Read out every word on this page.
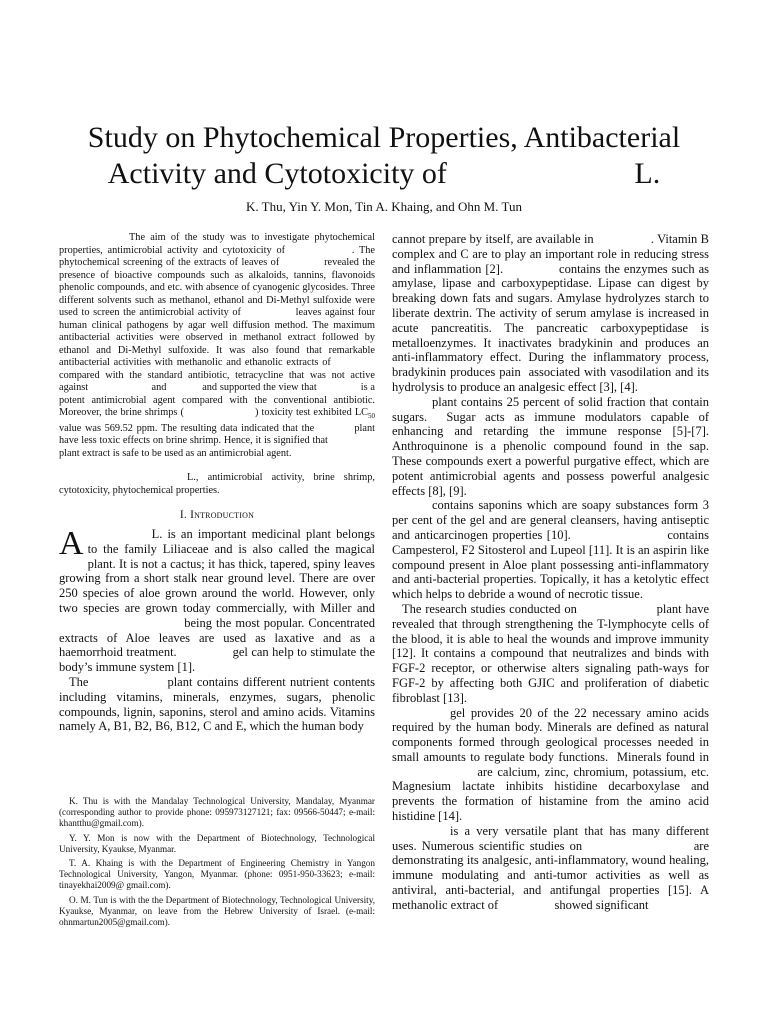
Study on Phytochemical Properties, Antibacterial Activity and Cytotoxicity of                         L.
K. Thu, Yin Y. Mon, Tin A. Khaing, and Ohn M. Tun

The aim of the study was to investigate phytochemical properties, antimicrobial activity and cytotoxicity of              . The phytochemical screening of the extracts of leaves of             revealed the presence of bioactive compounds such as alkaloids, tannins, flavonoids phenolic compounds, and etc. with absence of cyanogenic glycosides. Three different solvents such as methanol, ethanol and Di-Methyl sulfoxide were used to screen the antimicrobial activity of               leaves against four human clinical pathogens by agar well diffusion method. The maximum antibacterial activities were observed in methanol extract followed by ethanol and Di-Methyl sulfoxide. It was also found that remarkable antibacterial activities with methanolic and ethanolic extracts of             compared with the standard antibiotic, tetracycline that was not active against                       and             and supported the view that                is a potent antimicrobial agent compared with the conventional antibiotic. Moreover, the brine shrimps (                       ) toxicity test exhibited $LC_{50}$ value was 569.52 ppm. The resulting data indicated that the           plant have less toxic effects on brine shrimp. Hence, it is signified that                  plant extract is safe to be used as an antimicrobial agent.

L., antimicrobial activity, brine shrimp, cytotoxicity, phytochemical properties.

I. Introduction

A	L. is an important medicinal plant belongs to the family Liliaceae and is also called the magical plant. It is not a cactus; it has thick, tapered, spiny leaves growing from a short stalk near ground level. There are over 250 species of aloe grown around the world. However, only two species are grown today commercially, with Miller and                                being the most popular. Concentrated extracts of Aloe leaves are used as laxative and as a haemorrhoid treatment.                gel can help to stimulate the body’s immune system [1].

The                  plant contains different nutrient contents including vitamins, minerals, enzymes, sugars, phenolic compounds, lignin, saponins, sterol and amino acids. Vitamins namely A, B1, B2, B6, B12, C and E, which the human body

K. Thu is with the Mandalay Technological University, Mandalay, Myanmar (corresponding author to provide phone: 095973127121; fax: 09566-50447; e-mail: khantthu@gmail.com).

Y. Y. Mon is now with the Department of Biotechnology, Technological University, Kyaukse, Myanmar.

T. A. Khaing is with the Department of Engineering Chemistry in Yangon Technological University, Yangon, Myanmar. (phone: 0951-950-33623; e-mail: tinayekhai2009@ gmail.com).

O. M. Tun is with the the Department of Biotechnology, Technological University, Kyaukse, Myanmar, on leave from the Hebrew University of Israel. (e-mail: ohnmartun2005@gmail.com).

cannot prepare by itself, are available in                 . Vitamin B complex and C are to play an important role in reducing stress and inflammation [2].              contains the enzymes such as amylase, lipase and carboxypeptidase. Lipase can digest by breaking down fats and sugars. Amylase hydrolyzes starch to liberate dextrin. The activity of serum amylase is increased in acute pancreatitis. The pancreatic carboxypeptidase is metalloenzymes. It inactivates bradykinin and produces an anti-inflammatory effect. During the inflammatory process, bradykinin produces pain  associated with vasodilation and its hydrolysis to produce an analgesic effect [3], [4].

plant contains 25 percent of solid fraction that contain sugars.  Sugar acts as immune modulators capable of enhancing and retarding the immune response [5]-[7]. Anthroquinone is a phenolic compound found in the sap. These compounds exert a powerful purgative effect, which are potent antimicrobial agents and possess powerful analgesic effects [8], [9].

contains saponins which are soapy substances form 3 per cent of the gel and are general cleansers, having antiseptic and anticarcinogen properties [10].                      contains Campesterol, F2 Sitosterol and Lupeol [11]. It is an aspirin like compound present in Aloe plant possessing anti-inflammatory and anti-bacterial properties. Topically, it has a ketolytic effect which helps to debride a wound of necrotic tissue.

The research studies conducted on                     plant have revealed that through strengthening the T-lymphocyte cells of the blood, it is able to heal the wounds and improve immunity [12]. It contains a compound that neutralizes and binds with FGF-2 receptor, or otherwise alters signaling path-ways for FGF-2 by affecting both GJIC and proliferation of diabetic fibroblast [13].

gel provides 20 of the 22 necessary amino acids required by the human body. Minerals are defined as natural components formed through geological processes needed in small amounts to regulate body functions.  Minerals found in                   are calcium, zinc, chromium, potassium, etc. Magnesium lactate inhibits histidine decarboxylase and prevents the formation of histamine from the amino acid histidine [14].

is a very versatile plant that has many different uses. Numerous scientific studies on                      are demonstrating its analgesic, anti-inflammatory, wound healing, immune modulating and anti-tumor activities as well as antiviral, anti-bacterial, and antifungal properties [15]. A methanolic extract of                  showed significant
